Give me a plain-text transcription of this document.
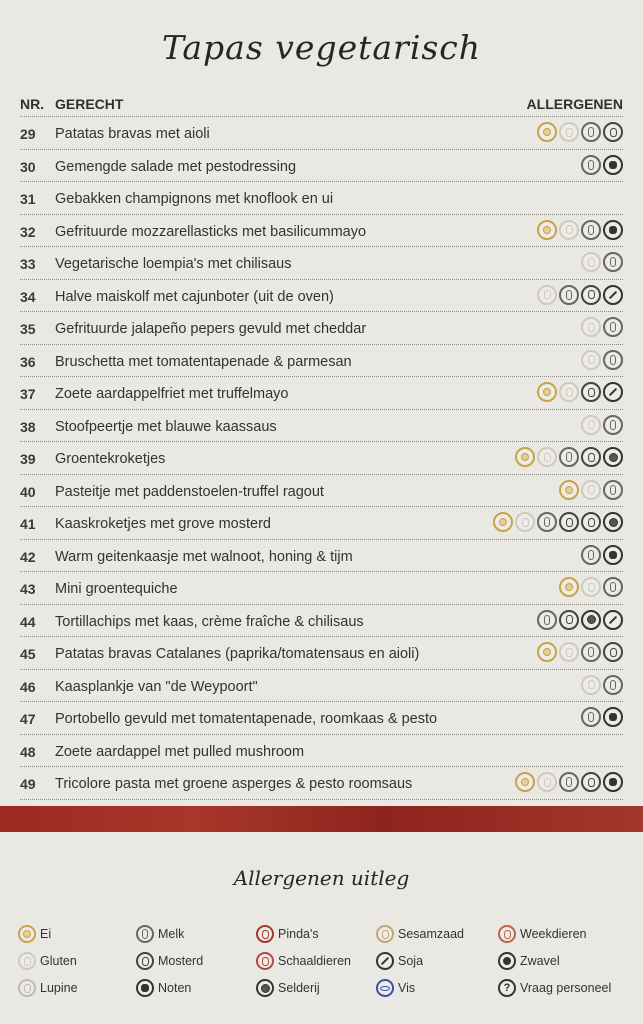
Tapas vegetarisch
NR. GERECHT	ALLERGENEN
29 Patatas bravas met aioli
30 Gemengde salade met pestodressing
31 Gebakken champignons met knoflook en ui
32 Gefrituurde mozzarellasticks met basilicummayo
33 Vegetarische loempia's met chilisaus
34 Halve maiskolf met cajunboter (uit de oven)
35 Gefrituurde jalapeño pepers gevuld met cheddar
36 Bruschetta met tomatentapenade & parmesan
37 Zoete aardappelfriet met truffelmayo
38 Stoofpeertje met blauwe kaassaus
39 Groentekroketjes
40 Pasteitje met paddenstoelen-truffel ragout
41 Kaaskroketjes met grove mosterd
42 Warm geitenkaasje met walnoot, honing & tijm
43 Mini groentequiche
44 Tortillachips met kaas, crème fraîche & chilisaus
45 Patatas bravas Catalanes (paprika/tomatensaus en aioli)
46 Kaasplankje van "de Weypoort"
47 Portobello gevuld met tomatentapenade, roomkaas & pesto
48 Zoete aardappel met pulled mushroom
49 Tricolore pasta met groene asperges & pesto roomsaus
Allergenen uitleg
Ei	Melk	Pinda's	Sesamzaad	Weekdieren
Gluten	Mosterd	Schaaldieren	Soja	Zwavel
Lupine	Noten	Selderij	Vis
?	Vraag personeel
